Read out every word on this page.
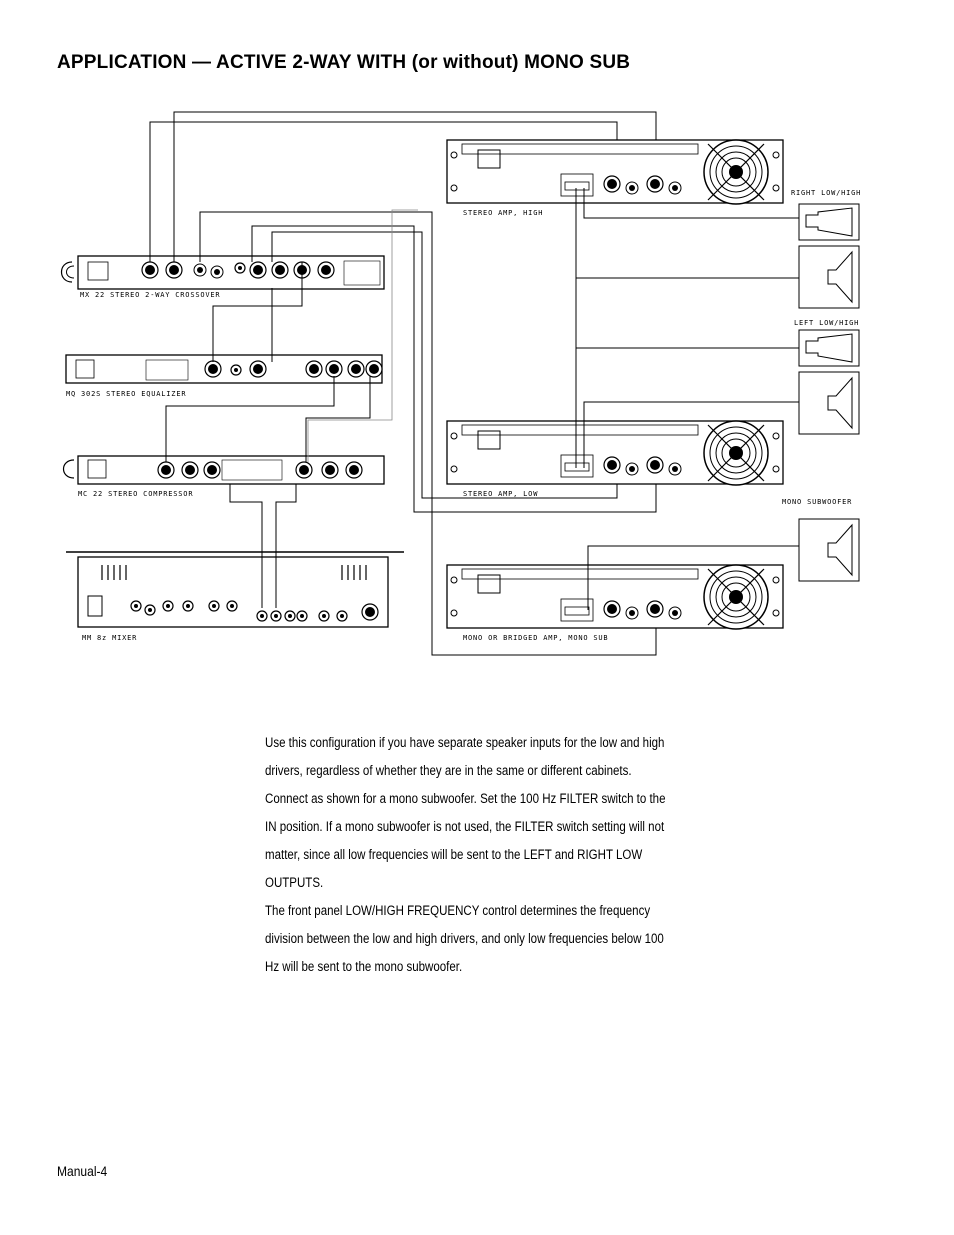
APPLICATION — ACTIVE 2-WAY WITH (or without) MONO SUB
STEREO AMP, HIGH
STEREO AMP, LOW
MONO OR BRIDGED AMP, MONO SUB
MX 22 STEREO 2-WAY CROSSOVER
MQ 302S STEREO EQUALIZER
MC 22 STEREO COMPRESSOR
MM 8z MIXER
RIGHT LOW/HIGH
LEFT LOW/HIGH
MONO SUBWOOFER

Use this configuration if you have separate speaker inputs for the low and high drivers, regardless of whether they are in the same or different cabinets.

Connect as shown for a mono subwoofer. Set the 100 Hz FILTER switch to the IN position. If a mono subwoofer is not used, the FILTER switch setting will not matter, since all low frequencies will be sent to the LEFT and RIGHT LOW OUTPUTS.

The front panel LOW/HIGH FREQUENCY control determines the frequency division between the low and high drivers, and only low frequencies below 100 Hz will be sent to the mono subwoofer.

Manual-4
